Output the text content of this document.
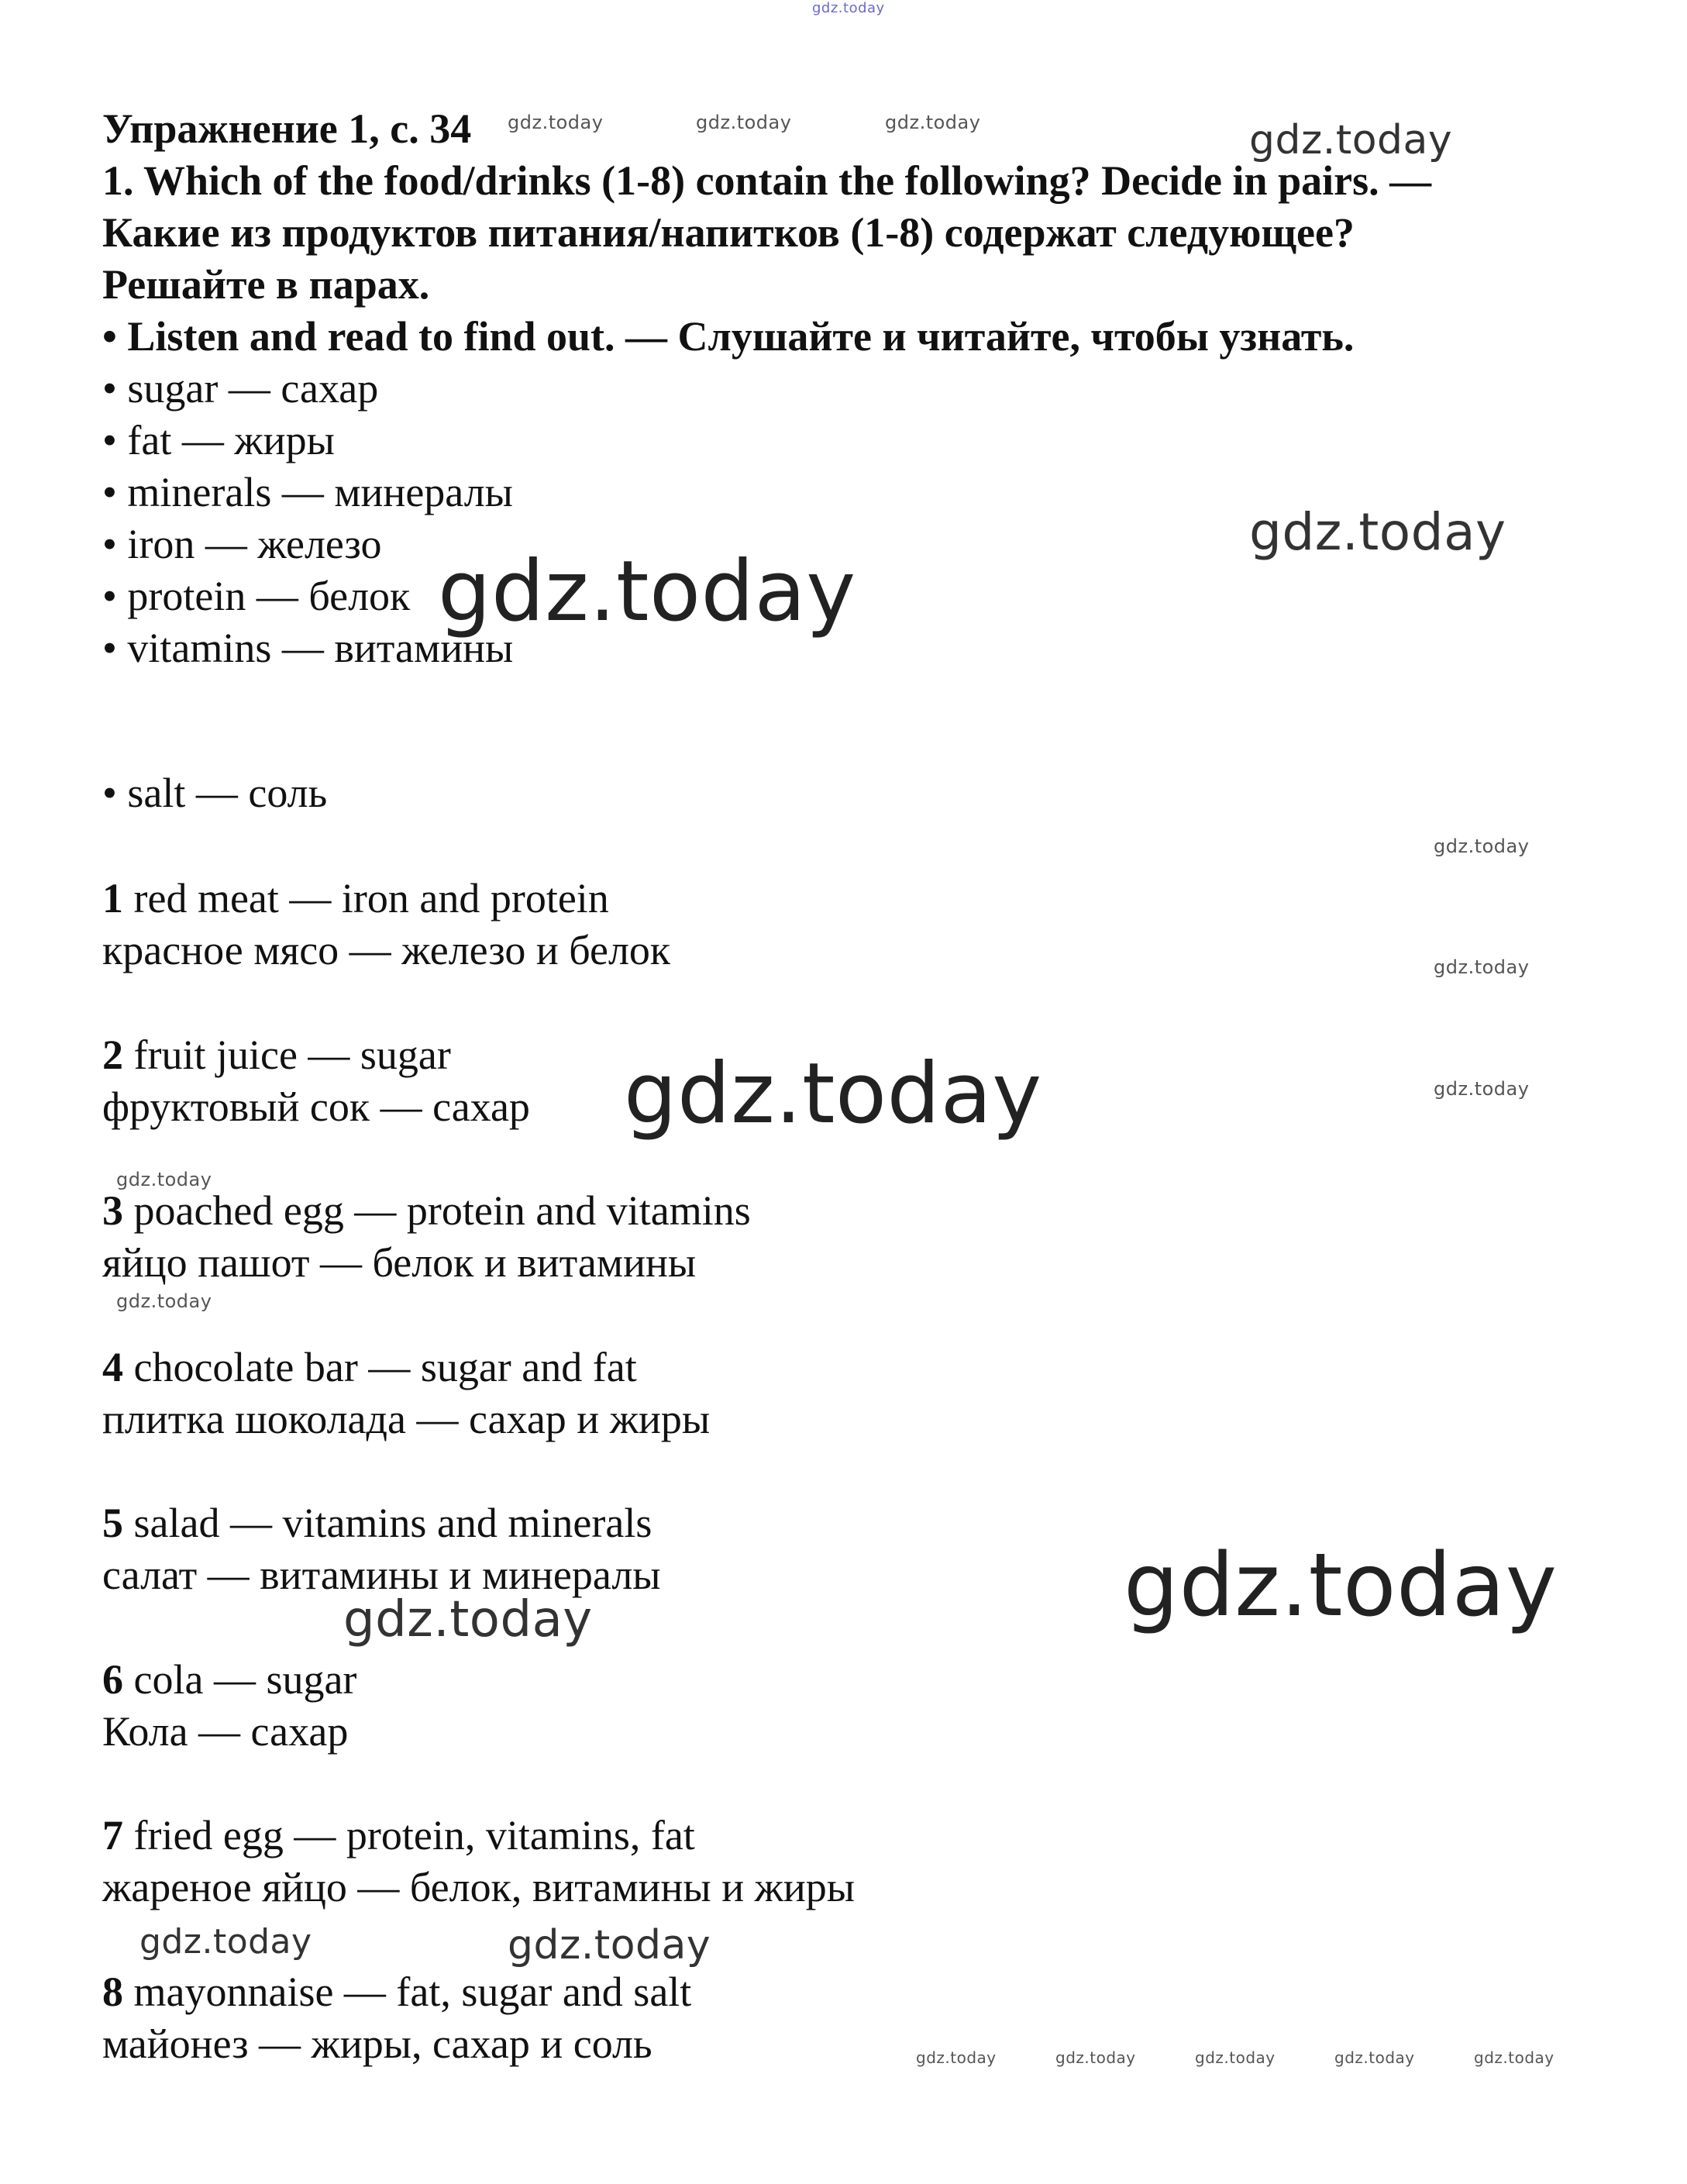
Упражнение 1, с. 34
1. Which of the food/drinks (1-8) contain the following? Decide in pairs. —
Какие из продуктов питания/напитков (1-8) содержат следующее?
Решайте в парах.
• Listen and read to find out. — Слушайте и читайте, чтобы узнать.
• sugar — сахар
• fat — жиры
• minerals — минералы
• iron — железо
• protein — белок
• vitamins — витамины
• salt — соль
1 red meat — iron and protein
красное мясо — железо и белок
2 fruit juice — sugar
фруктовый сок — сахар
3 poached egg — protein and vitamins
яйцо пашот — белок и витамины
4 chocolate bar — sugar and fat
плитка шоколада — сахар и жиры
5 salad — vitamins and minerals
салат — витамины и минералы
6 cola — sugar
Кола — сахар
7 fried egg — protein, vitamins, fat
жареное яйцо — белок, витамины и жиры
8 mayonnaise — fat, sugar and salt
майонез — жиры, сахар и соль
gdz.today
gdz.today	gdz.today	gdz.today	gdz.today
gdz.today
gdz.today
gdz.today
gdz.today
gdz.today
gdz.today
gdz.today
gdz.today
gdz.today
gdz.today
gdz.today	gdz.today
gdz.today	gdz.today	gdz.today	gdz.today	gdz.today
